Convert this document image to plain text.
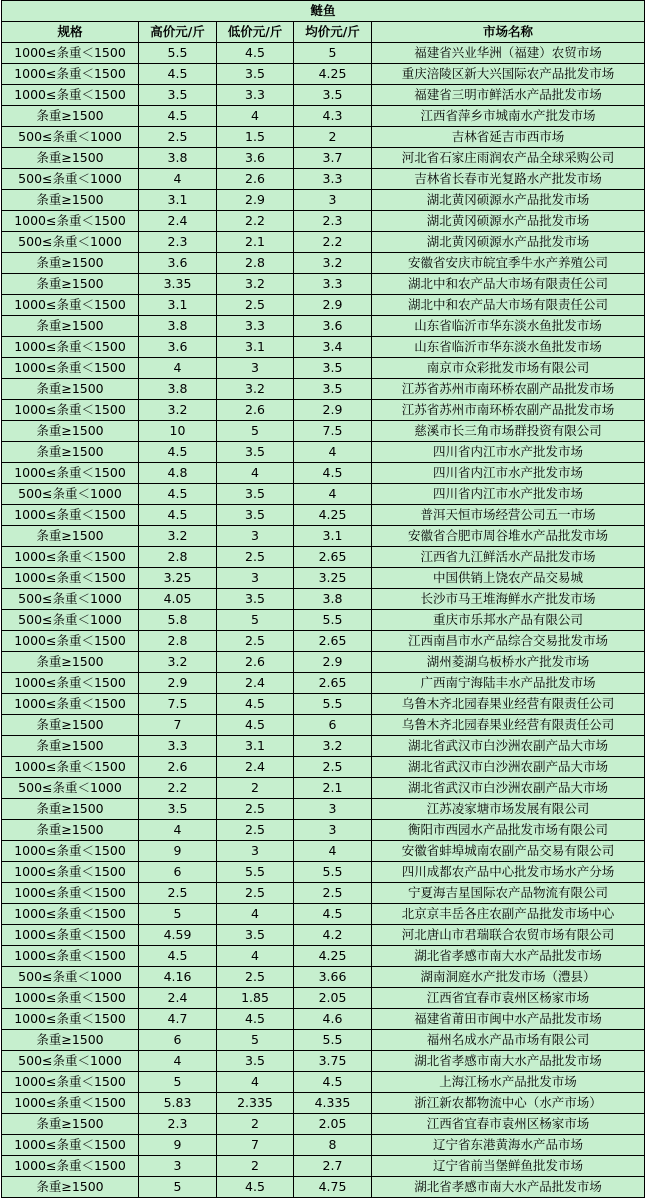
鲢鱼				
规格	高价元/斤	低价元/斤	均价元/斤	市场名称
1000≤条重＜1500	5.5	4.5	5	福建省兴业华洲（福建）农贸市场
1000≤条重＜1500	4.5	3.5	4.25	重庆涪陵区新大兴国际农产品批发市场
1000≤条重＜1500	3.5	3.3	3.5	福建省三明市鲜活水产品批发市场
条重≥1500	4.5	4	4.3	江西省萍乡市城南水产批发市场
500≤条重＜1000	2.5	1.5	2	吉林省延吉市西市场
条重≥1500	3.8	3.6	3.7	河北省石家庄雨润农产品全球采购公司
500≤条重＜1000	4	2.6	3.3	吉林省长春市光复路水产批发市场
条重≥1500	3.1	2.9	3	湖北黄冈硕源水产品批发市场
1000≤条重＜1500	2.4	2.2	2.3	湖北黄冈硕源水产品批发市场
500≤条重＜1000	2.3	2.1	2.2	湖北黄冈硕源水产品批发市场
条重≥1500	3.6	2.8	3.2	安徽省安庆市皖宜季牛水产养殖公司
条重≥1500	3.35	3.2	3.3	湖北中和农产品大市场有限责任公司
1000≤条重＜1500	3.1	2.5	2.9	湖北中和农产品大市场有限责任公司
条重≥1500	3.8	3.3	3.6	山东省临沂市华东淡水鱼批发市场
1000≤条重＜1500	3.6	3.1	3.4	山东省临沂市华东淡水鱼批发市场
1000≤条重＜1500	4	3	3.5	南京市众彩批发市场有限公司
条重≥1500	3.8	3.2	3.5	江苏省苏州市南环桥农副产品批发市场
1000≤条重＜1500	3.2	2.6	2.9	江苏省苏州市南环桥农副产品批发市场
条重≥1500	10	5	7.5	慈溪市长三角市场群投资有限公司
条重≥1500	4.5	3.5	4	四川省内江市水产批发市场
1000≤条重＜1500	4.8	4	4.5	四川省内江市水产批发市场
500≤条重＜1000	4.5	3.5	4	四川省内江市水产批发市场
1000≤条重＜1500	4.5	3.5	4.25	普洱天恒市场经营公司五一市场
条重≥1500	3.2	3	3.1	安徽省合肥市周谷堆水产品批发市场
1000≤条重＜1500	2.8	2.5	2.65	江西省九江鲜活水产品批发市场
1000≤条重＜1500	3.25	3	3.25	中国供销上饶农产品交易城
500≤条重＜1000	4.05	3.5	3.8	长沙市马王堆海鲜水产批发市场
500≤条重＜1000	5.8	5	5.5	重庆市乐邦水产品有限公司
1000≤条重＜1500	2.8	2.5	2.65	江西南昌市水产品综合交易批发市场
条重≥1500	3.2	2.6	2.9	湖州菱湖乌板桥水产批发市场
1000≤条重＜1500	2.9	2.4	2.65	广西南宁海陆丰水产品批发市场
1000≤条重＜1500	7.5	4.5	5.5	乌鲁木齐北园春果业经营有限责任公司
条重≥1500	7	4.5	6	乌鲁木齐北园春果业经营有限责任公司
条重≥1500	3.3	3.1	3.2	湖北省武汉市白沙洲农副产品大市场
1000≤条重＜1500	2.6	2.4	2.5	湖北省武汉市白沙洲农副产品大市场
500≤条重＜1000	2.2	2	2.1	湖北省武汉市白沙洲农副产品大市场
条重≥1500	3.5	2.5	3	江苏凌家塘市场发展有限公司
条重≥1500	4	2.5	3	衡阳市西园水产品批发市场有限公司
1000≤条重＜1500	9	3	4	安徽省蚌埠城南农副产品交易有限公司
1000≤条重＜1500	6	5.5	5.5	四川成都农产品中心批发市场水产分场
1000≤条重＜1500	2.5	2.5	2.5	宁夏海吉星国际农产品物流有限公司
1000≤条重＜1500	5	4	4.5	北京京丰岳各庄农副产品批发市场中心
1000≤条重＜1500	4.59	3.5	4.2	河北唐山市君瑞联合农贸市场有限公司
1000≤条重＜1500	4.5	4	4.25	湖北省孝感市南大水产品批发市场
500≤条重＜1000	4.16	2.5	3.66	湖南洞庭水产批发市场（澧县）
1000≤条重＜1500	2.4	1.85	2.05	江西省宜春市袁州区杨家市场
1000≤条重＜1500	4.7	4.5	4.6	福建省莆田市闽中水产品批发市场
条重≥1500	6	5	5.5	福州名成水产品市场有限公司
500≤条重＜1000	4	3.5	3.75	湖北省孝感市南大水产品批发市场
1000≤条重＜1500	5	4	4.5	上海江杨水产品批发市场
1000≤条重＜1500	5.83	2.335	4.335	浙江新农都物流中心（水产市场）
条重≥1500	2.3	2	2.05	江西省宜春市袁州区杨家市场
1000≤条重＜1500	9	7	8	辽宁省东港黄海水产品市场
1000≤条重＜1500	3	2	2.7	辽宁省前当堡鲜鱼批发市场
条重≥1500	5	4.5	4.75	湖北省孝感市南大水产品批发市场
